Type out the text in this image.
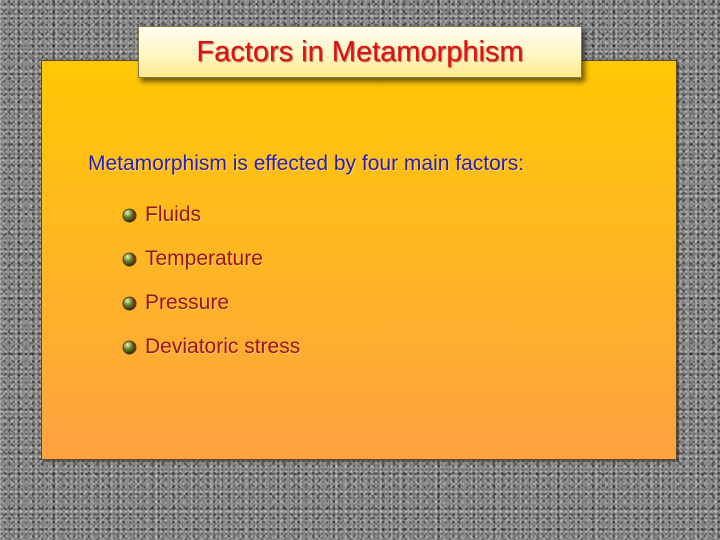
Factors in Metamorphism

Metamorphism is effected by four main factors:

Fluids
Temperature
Pressure
Deviatoric stress
